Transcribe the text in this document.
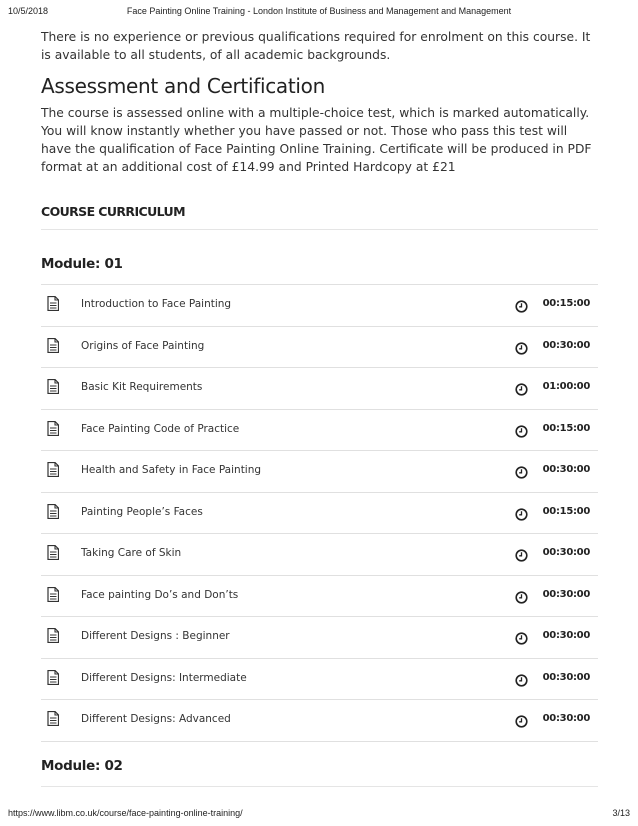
10/5/2018	Face Painting Online Training - London Institute of Business and Management and Management

There is no experience or previous qualifications required for enrolment on this course. It is available to all students, of all academic backgrounds.

Assessment and Certification

The course is assessed online with a multiple-choice test, which is marked automatically. You will know instantly whether you have passed or not. Those who pass this test will have the qualification of Face Painting Online Training. Certificate will be produced in PDF format at an additional cost of £14.99 and Printed Hardcopy at £21

COURSE CURRICULUM
Module: 01
Introduction to Face Painting	00:15:00
Origins of Face Painting	00:30:00
Basic Kit Requirements	01:00:00
Face Painting Code of Practice	00:15:00
Health and Safety in Face Painting	00:30:00
Painting People’s Faces	00:15:00
Taking Care of Skin	00:30:00
Face painting Do’s and Don’ts	00:30:00
Different Designs : Beginner	00:30:00
Different Designs: Intermediate	00:30:00
Different Designs: Advanced	00:30:00
Module: 02
https://www.libm.co.uk/course/face-painting-online-training/	3/13
